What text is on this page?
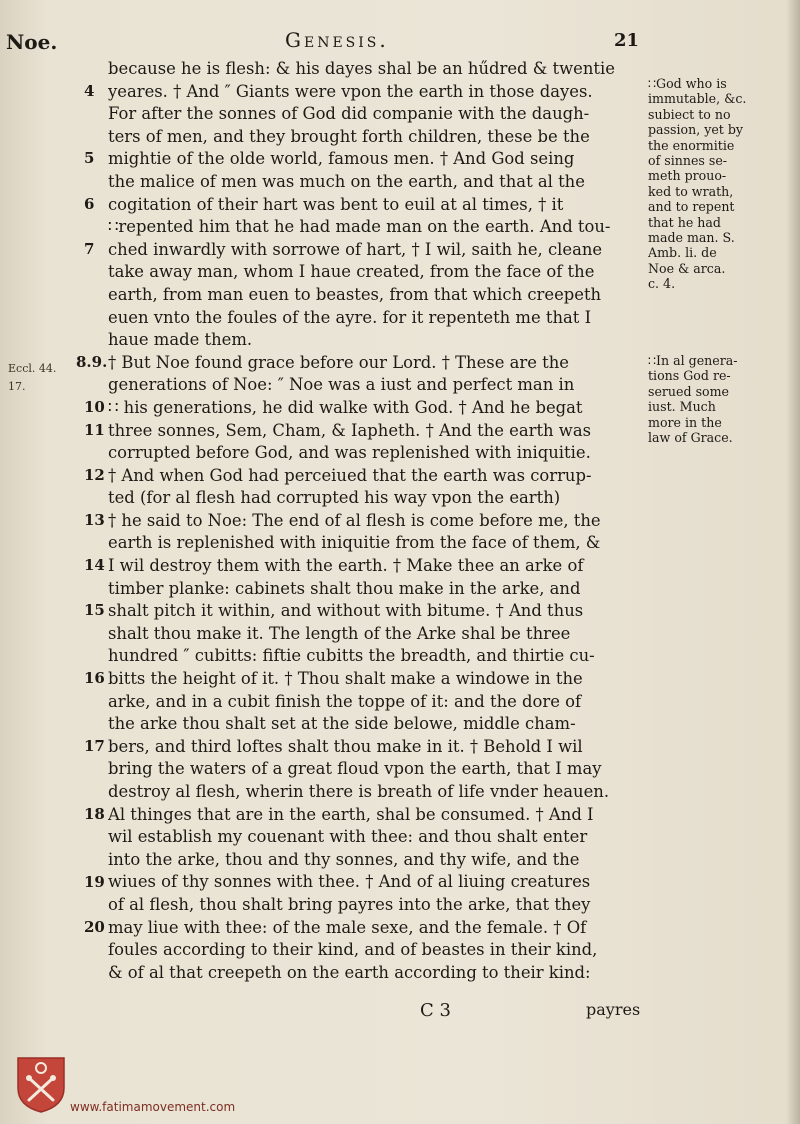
Noe.	Genesis.	21
4
5
6
7
8.9.
10
11
12
13
14
15
16
17
18
19
20
because he is flesh: & his dayes shal be an hűdred & twentie
yeares. † And ″ Giants were vpon the earth in those dayes.
For after the sonnes of God did companie with the daugh-
ters of men, and they brought forth children, these be the
mightie of the olde world, famous men. † And God seing
the malice of men was much on the earth, and that al the
cogitation of their hart was bent to euil at al times, † it
∷repented him that he had made man on the earth. And tou-
ched inwardly with sorrowe of hart, † I wil, saith he, cleane
take away man, whom I haue created, from the face of the
earth, from man euen to beastes, from that which creepeth
euen vnto the foules of the ayre. for it repenteth me that I
haue made them.
† But Noe found grace before our Lord. † These are the
generations of Noe: ″ Noe was a iust and perfect man in
∷ his generations, he did walke with God. † And he begat
three sonnes, Sem, Cham, & Iapheth. † And the earth was
corrupted before God, and was replenished with iniquitie.
† And when God had perceiued that the earth was corrup-
ted (for al flesh had corrupted his way vpon the earth)
† he said to Noe: The end of al flesh is come before me, the
earth is replenished with iniquitie from the face of them, &
I wil destroy them with the earth. † Make thee an arke of
timber planke: cabinets shalt thou make in the arke, and
shalt pitch it within, and without with bitume. † And thus
shalt thou make it. The length of the Arke shal be three
hundred ″ cubitts: fiftie cubitts the breadth, and thirtie cu-
bitts the height of it. † Thou shalt make a windowe in the
arke, and in a cubit finish the toppe of it: and the dore of
the arke thou shalt set at the side belowe, middle cham-
bers, and third loftes shalt thou make in it. † Behold I wil
bring the waters of a great floud vpon the earth, that I may
destroy al flesh, wherin there is breath of life vnder heauen.
Al thinges that are in the earth, shal be consumed. † And I
wil establish my couenant with thee: and thou shalt enter
into the arke, thou and thy sonnes, and thy wife, and the
wiues of thy sonnes with thee. † And of al liuing creatures
of al flesh, thou shalt bring payres into the arke, that they
may liue with thee: of the male sexe, and the female. † Of
foules according to their kind, and of beastes in their kind,
& of al that creepeth on the earth according to their kind:
Eccl. 44.
17.
∷God who is
immutable, &c.
subiect to no
passion, yet by
the enormitie
of sinnes se-
meth prouo-
ked to wrath,
and to repent
that he had
made man. S.
Amb. li. de
Noe & arca.
c. 4.
∷In al genera-
tions God re-
serued some
iust. Much
more in the
law of Grace.
C 3	payres
www.fatimamovement.com
